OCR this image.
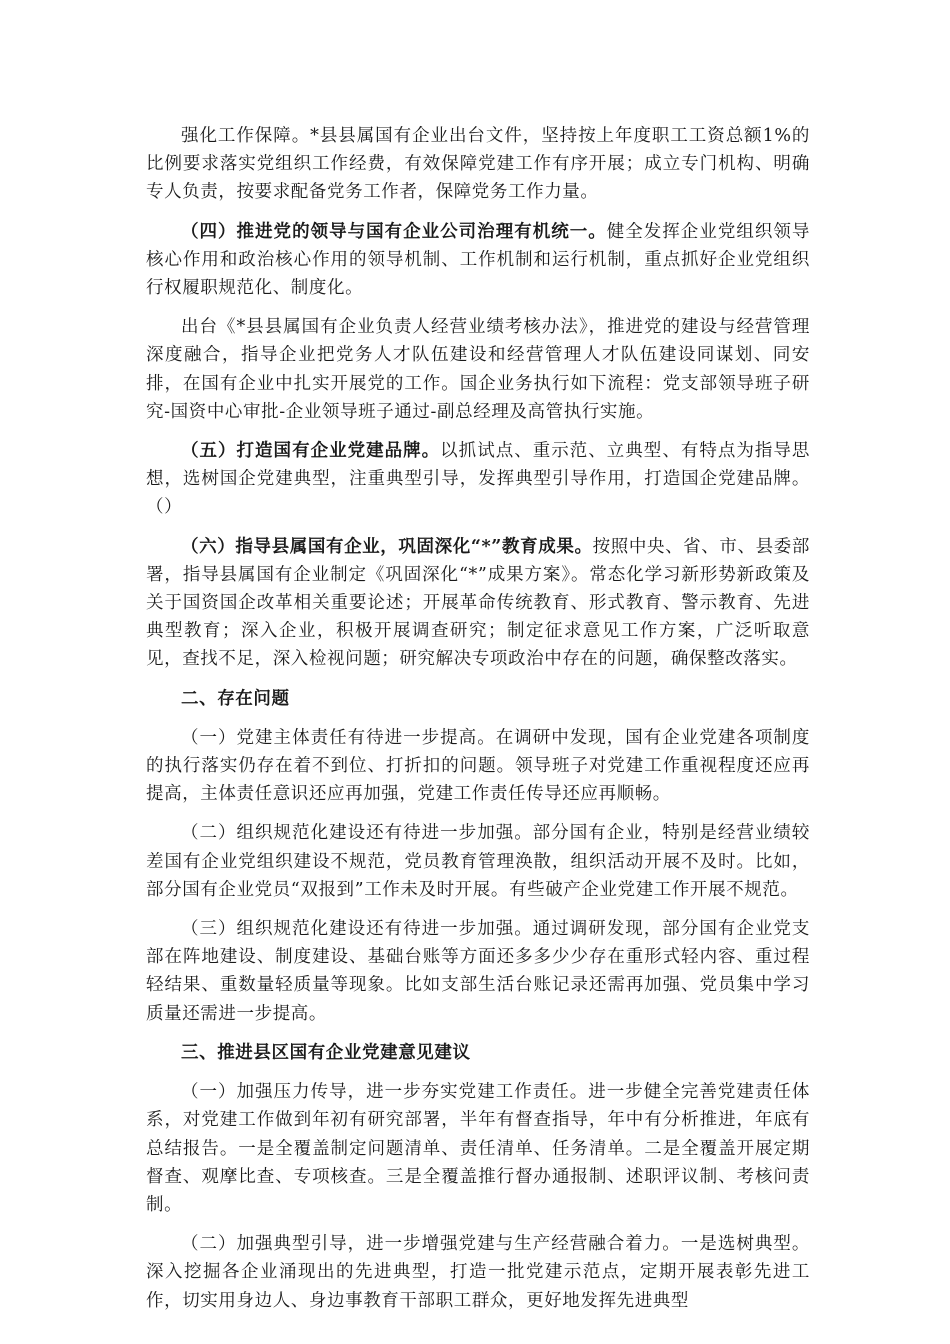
强化工作保障。*县县属国有企业出台文件，坚持按上年度职工工资总额1%的比例要求落实党组织工作经费，有效保障党建工作有序开展；成立专门机构、明确专人负责，按要求配备党务工作者，保障党务工作力量。

（四）推进党的领导与国有企业公司治理有机统一。健全发挥企业党组织领导核心作用和政治核心作用的领导机制、工作机制和运行机制，重点抓好企业党组织行权履职规范化、制度化。

出台《*县县属国有企业负责人经营业绩考核办法》，推进党的建设与经营管理深度融合，指导企业把党务人才队伍建设和经营管理人才队伍建设同谋划、同安排，在国有企业中扎实开展党的工作。国企业务执行如下流程：党支部领导班子研究-国资中心审批-企业领导班子通过-副总经理及高管执行实施。

（五）打造国有企业党建品牌。以抓试点、重示范、立典型、有特点为指导思想，选树国企党建典型，注重典型引导，发挥典型引导作用，打造国企党建品牌。（）

（六）指导县属国有企业，巩固深化“*”教育成果。按照中央、省、市、县委部署，指导县属国有企业制定《巩固深化“*”成果方案》。常态化学习新形势新政策及关于国资国企改革相关重要论述；开展革命传统教育、形式教育、警示教育、先进典型教育；深入企业，积极开展调查研究；制定征求意见工作方案，广泛听取意见，查找不足，深入检视问题；研究解决专项政治中存在的问题，确保整改落实。

二、存在问题

（一）党建主体责任有待进一步提高。在调研中发现，国有企业党建各项制度的执行落实仍存在着不到位、打折扣的问题。领导班子对党建工作重视程度还应再提高，主体责任意识还应再加强，党建工作责任传导还应再顺畅。

（二）组织规范化建设还有待进一步加强。部分国有企业，特别是经营业绩较差国有企业党组织建设不规范，党员教育管理涣散，组织活动开展不及时。比如，部分国有企业党员“双报到”工作未及时开展。有些破产企业党建工作开展不规范。

（三）组织规范化建设还有待进一步加强。通过调研发现，部分国有企业党支部在阵地建设、制度建设、基础台账等方面还多多少少存在重形式轻内容、重过程轻结果、重数量轻质量等现象。比如支部生活台账记录还需再加强、党员集中学习质量还需进一步提高。

三、推进县区国有企业党建意见建议

（一）加强压力传导，进一步夯实党建工作责任。进一步健全完善党建责任体系，对党建工作做到年初有研究部署，半年有督查指导，年中有分析推进，年底有总结报告。一是全覆盖制定问题清单、责任清单、任务清单。二是全覆盖开展定期督查、观摩比查、专项核查。三是全覆盖推行督办通报制、述职评议制、考核问责制。

（二）加强典型引导，进一步增强党建与生产经营融合着力。一是选树典型。深入挖掘各企业涌现出的先进典型，打造一批党建示范点，定期开展表彰先进工作，切实用身边人、身边事教育干部职工群众，更好地发挥先进典型
